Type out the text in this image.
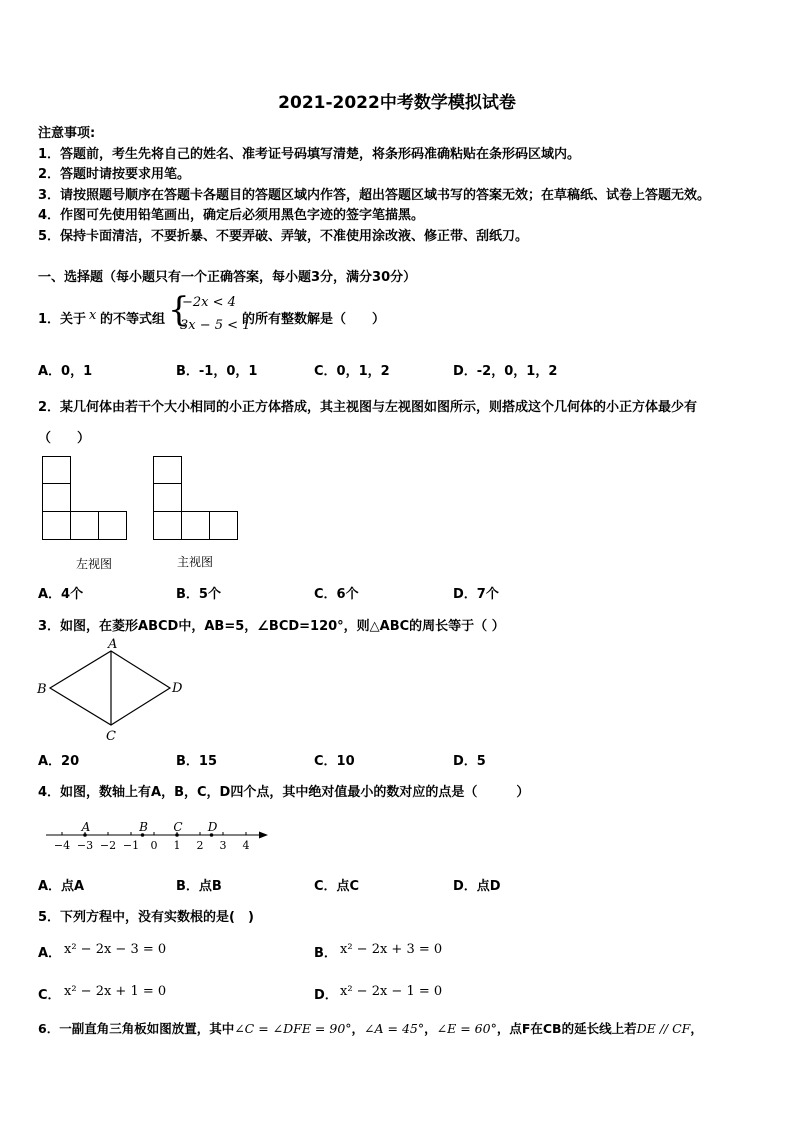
2021-2022中考数学模拟试卷
注意事项:
1．答题前，考生先将自己的姓名、准考证号码填写清楚，将条形码准确粘贴在条形码区域内。
2．答题时请按要求用笔。
3．请按照题号顺序在答题卡各题目的答题区域内作答，超出答题区域书写的答案无效；在草稿纸、试卷上答题无效。
4．作图可先使用铅笔画出，确定后必须用黑色字迹的签字笔描黑。
5．保持卡面清洁，不要折暴、不要弄破、弄皱，不准使用涂改液、修正带、刮纸刀。
一、选择题（每小题只有一个正确答案，每小题3分，满分30分）
1．关于 x 的不等式组 {
−2x < 4
3x − 5 < 1
的所有整数解是（　　）
A．0，1	B．-1，0，1	C．0，1，2	D．-2，0，1，2
2．某几何体由若干个大小相同的小正方体搭成，其主视图与左视图如图所示，则搭成这个几何体的小正方体最少有
（　　）
左视图	主视图
A．4个	B．5个	C．6个	D．7个
3．如图，在菱形ABCD中，AB=5，∠BCD=120°，则△ABC的周长等于（ ）
A
B
C
D
A．20	B．15	C．10	D．5
4．如图，数轴上有A，B，C，D四个点，其中绝对值最小的数对应的点是（　　　）
−4 −3 −2 −1 0 1 2 3 4
A	B C D
A．点A	B．点B	C．点C	D．点D
5．下列方程中，没有实数根的是(　)
A． x² − 2x − 3 = 0	B． x² − 2x + 3 = 0
C． x² − 2x + 1 = 0	D． x² − 2x − 1 = 0
6．一副直角三角板如图放置，其中∠C = ∠DFE = 90°，∠A = 45°，∠E = 60°，点F在CB的延长线上若DE // CF，
